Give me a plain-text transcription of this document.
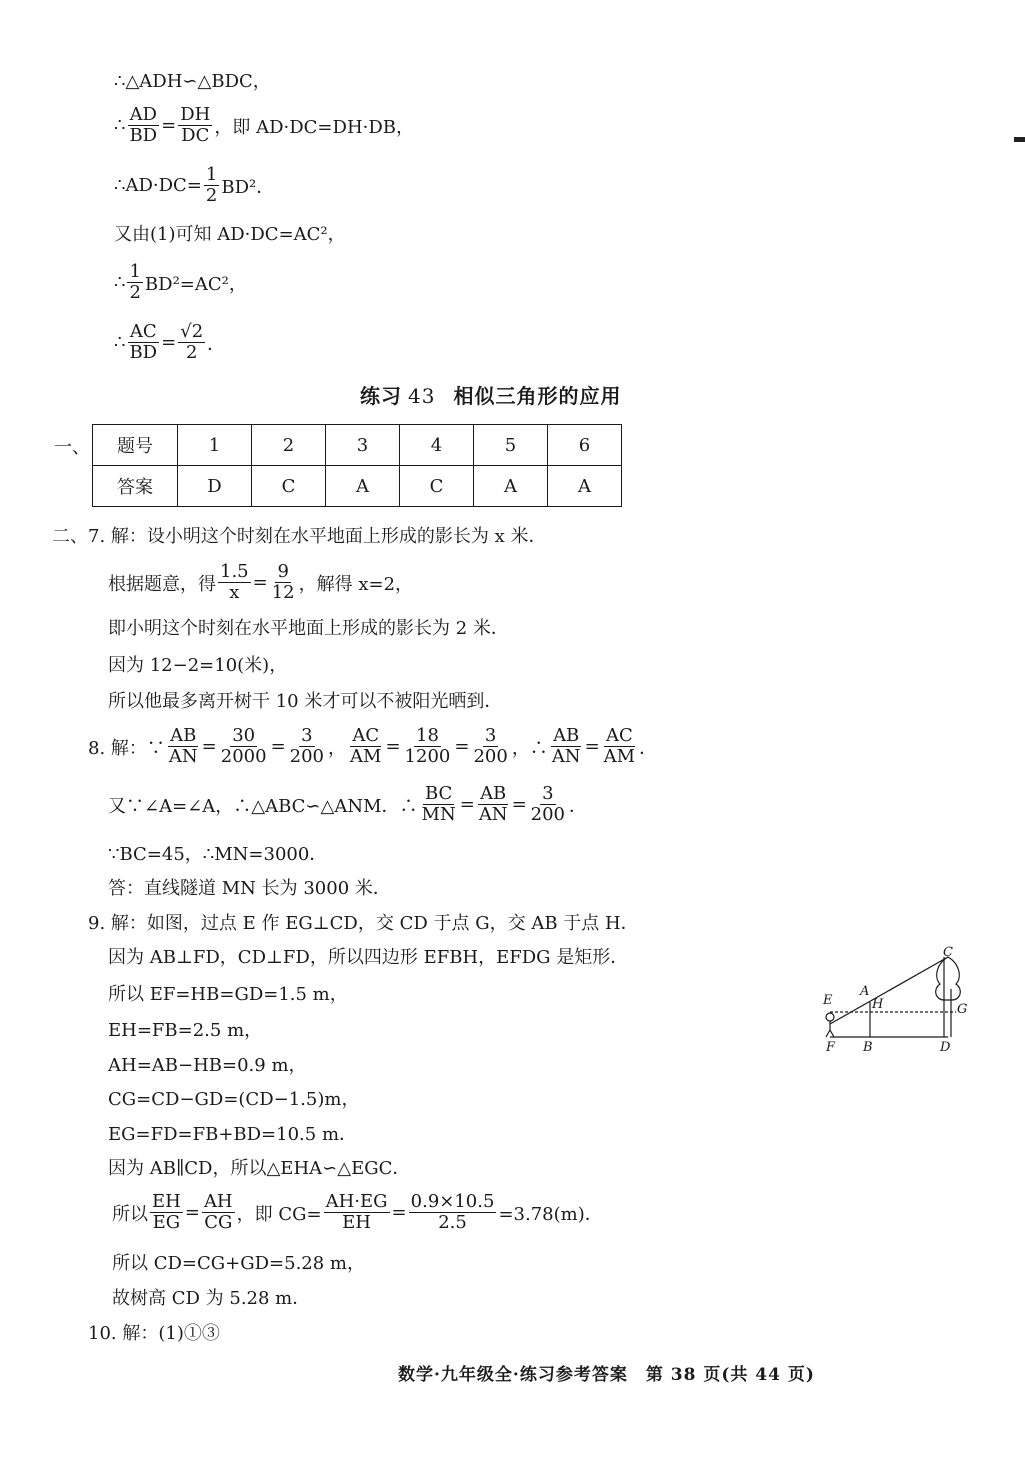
∴△ADH∽△BDC，
∴ $\frac{AD}{BD} = \frac{DH}{DC}$ ，即 AD·DC=DH·DB，
∴AD·DC= $\frac{1}{2} BD^2$．
又由(1)可知 AD·DC=AC²，
∴ $\frac{1}{2} BD^2=AC^2$，
∴ $\frac{AC}{BD} = \frac{√2}{2}$ ．
练习 43 相似三角形的应用
一、 题号	1	2	3	4	5	6
答案	D	C	A	C	A	A
二、7. 解：设小明这个时刻在水平地面上形成的影长为 x 米．
根据题意，得 $\frac{1.5}{x} = \frac{9}{12}$ ，解得 x=2，
即小明这个时刻在水平地面上形成的影长为 2 米．
因为 12−2=10(米)，
所以他最多离开树干 10 米才可以不被阳光晒到．
8. 解：∵ $\frac{AB}{AN} = \frac{30}{2000} = \frac{3}{200}$ ， $\frac{AC}{AM} = \frac{18}{1200} = \frac{3}{200}$ ，∴ $\frac{AB}{AN} = \frac{AC}{AM}$ ．
又∵∠A=∠A，∴△ABC∽△ANM．∴ $\frac{BC}{MN} = \frac{AB}{AN} = \frac{3}{200}$ ．
∵BC=45，∴MN=3000．
答：直线隧道 MN 长为 3000 米．
9. 解：如图，过点 E 作 EG⊥CD，交 CD 于点 G，交 AB 于点 H．
因为 AB⊥FD，CD⊥FD，所以四边形 EFBH，EFDG 是矩形．
所以 EF=HB=GD=1.5 m，
EH=FB=2.5 m，
AH=AB−HB=0.9 m，
CG=CD−GD=(CD−1.5)m，
EG=FD=FB+BD=10.5 m．
因为 AB∥CD，所以△EHA∽△EGC．
所以 $\frac{EH}{EG} = \frac{AH}{CG}$ ，即 $CG= \frac{AH\cdot EG}{EH} = \frac{0.9\times 10.5}{2.5} =3.78(m)$．
所以 CD=CG+GD=5.28 m，
故树高 CD 为 5.28 m．
10. 解：(1)①③
C
A
H
E
G
F B	D
数学·九年级全·练习参考答案　第 38 页(共 44 页)
